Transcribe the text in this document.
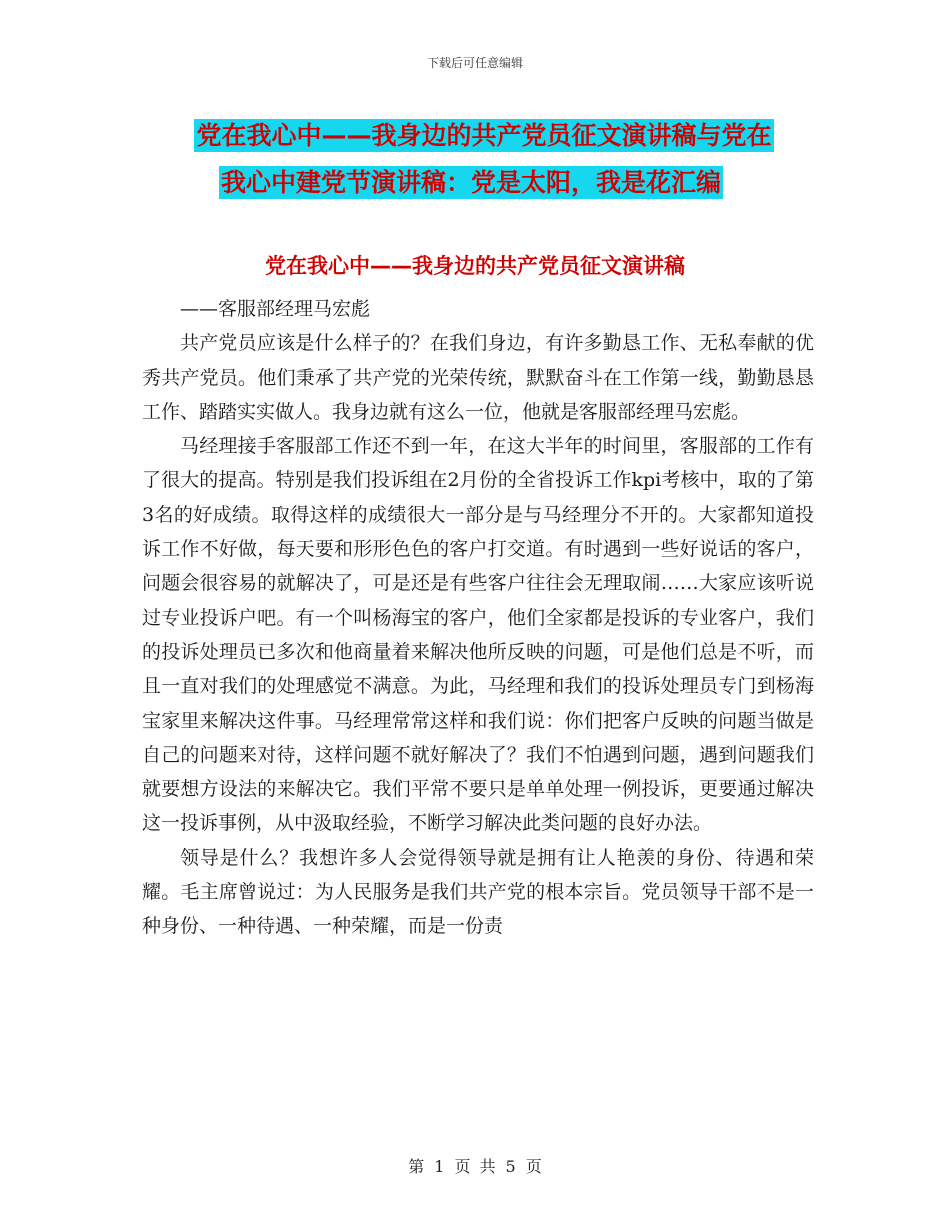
下载后可任意编辑
党在我心中——我身边的共产党员征文演讲稿与党在
我心中建党节演讲稿：党是太阳，我是花汇编
党在我心中——我身边的共产党员征文演讲稿

——客服部经理马宏彪

共产党员应该是什么样子的？在我们身边，有许多勤恳工作、无私奉献的优秀共产党员。他们秉承了共产党的光荣传统，默默奋斗在工作第一线，勤勤恳恳工作、踏踏实实做人。我身边就有这么一位，他就是客服部经理马宏彪。

马经理接手客服部工作还不到一年，在这大半年的时间里，客服部的工作有了很大的提高。特别是我们投诉组在2月份的全省投诉工作kpi考核中，取的了第3名的好成绩。取得这样的成绩很大一部分是与马经理分不开的。大家都知道投诉工作不好做，每天要和形形色色的客户打交道。有时遇到一些好说话的客户，问题会很容易的就解决了，可是还是有些客户往往会无理取闹……大家应该听说过专业投诉户吧。有一个叫杨海宝的客户，他们全家都是投诉的专业客户，我们的投诉处理员已多次和他商量着来解决他所反映的问题，可是他们总是不听，而且一直对我们的处理感觉不满意。为此，马经理和我们的投诉处理员专门到杨海宝家里来解决这件事。马经理常常这样和我们说：你们把客户反映的问题当做是自己的问题来对待，这样问题不就好解决了？我们不怕遇到问题，遇到问题我们就要想方设法的来解决它。我们平常不要只是单单处理一例投诉，更要通过解决这一投诉事例，从中汲取经验，不断学习解决此类问题的良好办法。

领导是什么？我想许多人会觉得领导就是拥有让人艳羡的身份、待遇和荣耀。毛主席曾说过：为人民服务是我们共产党的根本宗旨。党员领导干部不是一种身份、一种待遇、一种荣耀，而是一份责

第 1 页 共 5 页
